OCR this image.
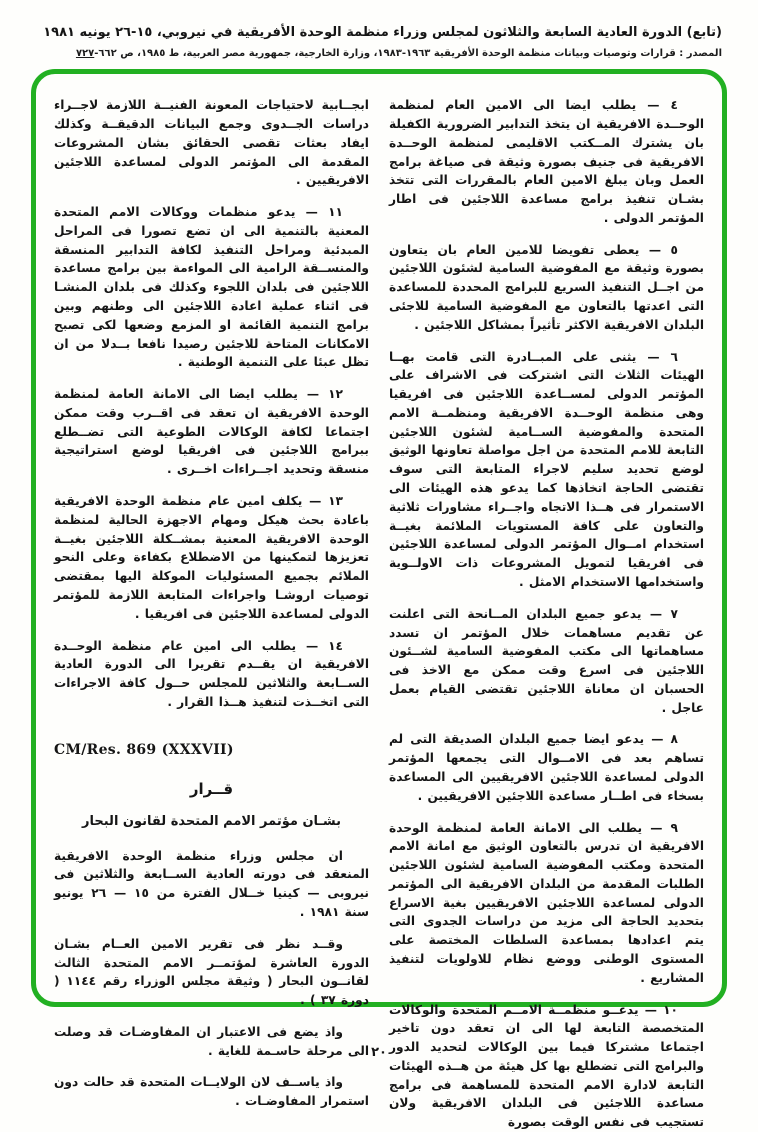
(تابع) الدورة العادية السابعة والثلاثون لمجلس وزراء منظمة الوحدة الأفريقية في نيروبي، ١٥-٢٦ يونيه ١٩٨١
المصدر : قرارات وتوصيات وبيانات منظمة الوحدة الأفريقية ١٩٦٣-١٩٨٣، وزارة الخارجية، جمهورية مصر العربية، ط ١٩٨٥، ص ٦٦٢-٧٢٧

٤ — يطلب ايضا الى الامين العام لمنظمة الوحــدة الافريقية ان يتخذ التدابير الضرورية الكفيلة بان يشترك المــكتب الاقليمى لمنظمة الوحــدة الافريقية فى جنيف بصورة وثيقة فى صياغة برامج العمل وبان يبلغ الامين العام بالمقررات التى تتخذ بشـان تنفيذ برامج مساعدة اللاجئين فى اطار المؤتمر الدولى .

٥ — يعطى تفويضا للامين العام بان يتعاون بصورة وثيقة مع المفوضية السامية لشئون اللاجئين من اجــل التنفيذ السريع للبرامج المحددة للمساعدة التى اعدتها بالتعاون مع المفوضية السامية للاجئى البلدان الافريقية الاكثر تأثيراً بمشاكل اللاجئين .

٦ — يثنى على المبــادرة التى قامت بهــا الهيئات الثلاث التى اشتركت فى الاشراف على المؤتمر الدولى لمســاعدة اللاجئين فى افريقيا وهى منظمة الوحــدة الافريقية ومنظمــة الامم المتحدة والمفوضية الســامية لشئون اللاجئين التابعة للامم المتحدة من اجل مواصلة تعاونها الوثيق لوضع تحديد سليم لاجراء المتابعة التى سوف تقتضى الحاجة اتخاذها كما يدعو هذه الهيئات الى الاستمرار فى هــذا الاتجاه واجــراء مشاورات ثلاثية والتعاون على كافة المستويات الملائمة بغيــة استخدام امــوال المؤتمر الدولى لمساعدة اللاجئين فى افريقيا لتمويل المشروعات ذات الاولــوية واستخدامها الاستخدام الامثل .

٧ — يدعو جميع البلدان المــانحة التى اعلنت عن تقديم مساهمات خلال المؤتمر ان تسدد مساهماتها الى مكتب المفوضية السامية لشــئون اللاجئين فى اسرع وقت ممكن مع الاخذ فى الحسبان ان معاناة اللاجئين تقتضى القيام بعمل عاجل .

٨ — يدعو ايضا جميع البلدان الصديقة التى لم تساهم بعد فى الامــوال التى يجمعها المؤتمر الدولى لمساعدة اللاجئين الافريقيين الى المساعدة بسخاء فى اطــار مساعدة اللاجئين الافريقيين .

٩ — يطلب الى الامانة العامة لمنظمة الوحدة الافريقية ان تدرس بالتعاون الوثيق مع امانة الامم المتحدة ومكتب المفوضية السامية لشئون اللاجئين الطلبات المقدمة من البلدان الافريقية الى المؤتمر الدولى لمساعدة اللاجئين الافريقيين بغية الاسراع بتحديد الحاجة الى مزيد من دراسات الجدوى التى يتم اعدادها بمساعدة السلطات المختصة على المستوى الوطنى ووضع نظام للاولويات لتنفيذ المشاريع .

١٠ — يدعــو منظمــة الامــم المتحدة والوكالات المتخصصة التابعة لها الى ان تعقد دون تاخير اجتماعا مشتركا فيما بين الوكالات لتحديد الدور والبرامج التى تضطلع بها كل هيئة من هــذه الهيئات التابعة لادارة الامم المتحدة للمساهمة فى برامج مساعدة اللاجئين فى البلدان الافريقية ولان تستجيب فى نفس الوقت بصورة

ابجــابية لاحتياجات المعونة الفنيــة اللازمة لاجــراء دراسات الجــدوى وجمع البيانات الدقيقــة وكذلك ايفاد بعثات تقصى الحقائق بشان المشروعات المقدمة الى المؤتمر الدولى لمساعدة اللاجئين الافريقيين .

١١ — يدعو منظمات ووكالات الامم المتحدة المعنية بالتنمية الى ان تضع تصورا فى المراحل المبدئية ومراحل التنفيذ لكافة التدابير المنسقة والمنســقة الرامية الى المواءمة بين برامج مساعدة اللاجئين فى بلدان اللجوء وكذلك فى بلدان المنشـا فى اثناء عملية اعادة اللاجئين الى وطنهم وبين برامج التنمية القائمة او المزمع وضعها لكى تصبح الامكانات المتاحة للاجئين رصيدا نافعا بــدلا من ان تظل عبئا على التنمية الوطنية .

١٢ — يطلب ايضا الى الامانة العامة لمنظمة الوحدة الافريقية ان تعقد فى اقــرب وقت ممكن اجتماعا لكافة الوكالات الطوعية التى تضــطلع ببرامج اللاجئين فى افريقيا لوضع استراتيجية منسقة وتحديد اجــراءات اخــرى .

١٣ — يكلف امين عام منظمة الوحدة الافريقية باعادة بحث هيكل ومهام الاجهزة الحالية لمنظمة الوحدة الافريقية المعنية بمشــكلة اللاجئين بغيــة تعزيزها لتمكينها من الاضطلاع بكفاءة وعلى النحو الملائم بجميع المسئوليات الموكلة اليها بمقتضى توصيات اروشـا واجراءات المتابعة اللازمة للمؤتمر الدولى لمساعدة اللاجئين فى افريقيا .

١٤ — يطلب الى امين عام منظمة الوحــدة الافريقية ان يقــدم تقريرا الى الدورة العادية الســابعة والثلاثين للمجلس حــول كافة الاجراءات التى اتخــذت لتنفيذ هــذا القرار .

CM/Res. 869 (XXXVII)
قــرار
بشـان مؤتمر الامم المتحدة لقانون البحار

ان مجلس وزراء منظمة الوحدة الافريقية المنعقد فى دورته العادية الســابعة والثلاثين فى نيروبى — كينيا خــلال الفترة من ١٥ — ٢٦ يونيو سنة ١٩٨١ .

وقــد نظر فى تقرير الامين العــام بشـان الدورة العاشرة لمؤتمــر الامم المتحدة الثالث لقانــون البحار ( وثيقة مجلس الوزراء رقم ١١٤٤ ( دورة ٣٧ ) .

واذ يضع فى الاعتبار ان المفاوضـات قد وصلت الى مرحلة حاسـمة للغاية .

واذ ياســف لان الولايــات المتحدة قد حالت دون استمرار المفاوضـات .

٢٠
